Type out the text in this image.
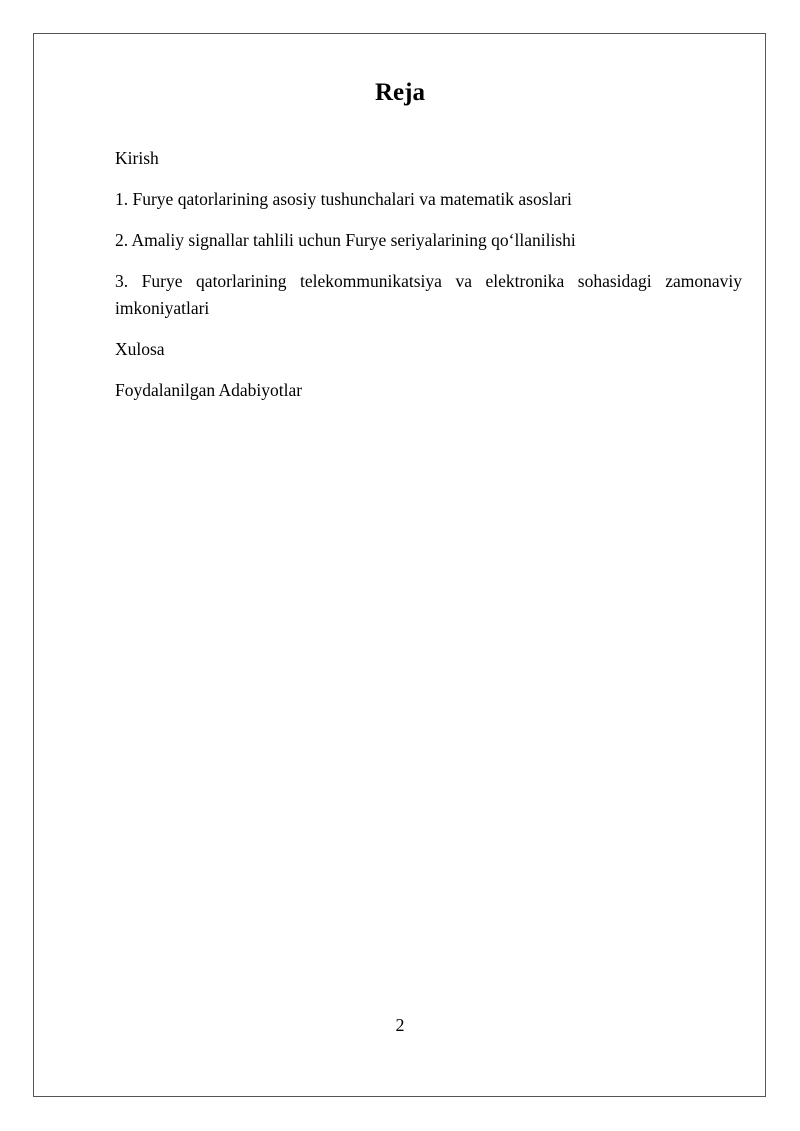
Reja

Kirish

1. Furye qatorlarining asosiy tushunchalari va matematik asoslari

2. Amaliy signallar tahlili uchun Furye seriyalarining qo‘llanilishi

3. Furye qatorlarining telekommunikatsiya va elektronika sohasidagi zamonaviy imkoniyatlari

Xulosa

Foydalanilgan Adabiyotlar

2
